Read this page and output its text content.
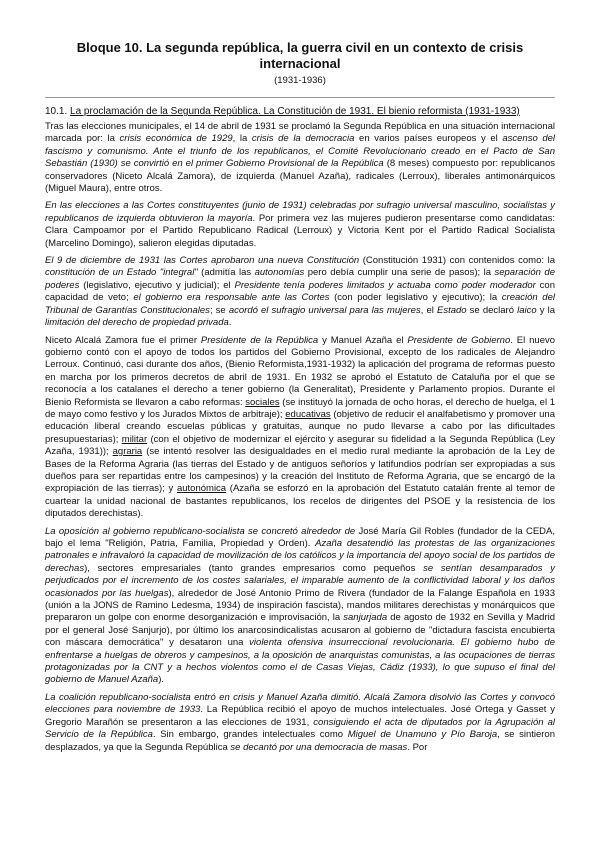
Bloque 10. La segunda república, la guerra civil en un contexto de crisis internacional
(1931-1936)
10.1. La proclamación de la Segunda República. La Constitución de 1931. El bienio reformista (1931-1933)

Tras las elecciones municipales, el 14 de abril de 1931 se proclamó la Segunda República en una situación internacional marcada por: la crisis económica de 1929, la crisis de la democracia en varios países europeos y el ascenso del fascismo y comunismo. Ante el triunfo de los republicanos, el Comité Revolucionario creado en el Pacto de San Sebastián (1930) se convirtió en el primer Gobierno Provisional de la República (8 meses) compuesto por: republicanos conservadores (Niceto Alcalá Zamora), de izquierda (Manuel Azaña), radicales (Lerroux), liberales antimonárquicos (Miguel Maura), entre otros.

En las elecciones a las Cortes constituyentes (junio de 1931) celebradas por sufragio universal masculino, socialistas y republicanos de izquierda obtuvieron la mayoría. Por primera vez las mujeres pudieron presentarse como candidatas: Clara Campoamor por el Partido Republicano Radical (Lerroux) y Victoria Kent por el Partido Radical Socialista (Marcelino Domingo), salieron elegidas diputadas.

El 9 de diciembre de 1931 las Cortes aprobaron una nueva Constitución (Constitución 1931) con contenidos como: la constitución de un Estado "integral" (admitía las autonomías pero debía cumplir una serie de pasos); la separación de poderes (legislativo, ejecutivo y judicial); el Presidente tenía poderes limitados y actuaba como poder moderador con capacidad de veto; el gobierno era responsable ante las Cortes (con poder legislativo y ejecutivo); la creación del Tribunal de Garantías Constitucionales; se acordó el sufragio universal para las mujeres, el Estado se declaró laico y la limitación del derecho de propiedad privada.

Niceto Alcalá Zamora fue el primer Presidente de la República y Manuel Azaña el Presidente de Gobierno. El nuevo gobierno contó con el apoyo de todos los partidos del Gobierno Provisional, excepto de los radicales de Alejandro Lerroux. Continuó, casi durante dos años, (Bienio Reformista,1931-1932) la aplicación del programa de reformas puesto en marcha por los primeros decretos de abril de 1931. En 1932 se aprobó el Estatuto de Cataluña por el que se reconocía a los catalanes el derecho a tener gobierno (la Generalitat), Presidente y Parlamento propios. Durante el Bienio Reformista se llevaron a cabo reformas: sociales (se instituyó la jornada de ocho horas, el derecho de huelga, el 1 de mayo como festivo y los Jurados Mixtos de arbitraje); educativas (objetivo de reducir el analfabetismo y promover una educación liberal creando escuelas públicas y gratuitas, aunque no pudo llevarse a cabo por las dificultades presupuestarias); militar (con el objetivo de modernizar el ejército y asegurar su fidelidad a la Segunda República (Ley Azaña, 1931)); agraria (se intentó resolver las desigualdades en el medio rural mediante la aprobación de la Ley de Bases de la Reforma Agraria (las tierras del Estado y de antiguos señoríos y latifundios podrían ser expropiadas a sus dueños para ser repartidas entre los campesinos) y la creación del Instituto de Reforma Agraria, que se encargó de la expropiación de las tierras); y autonómica (Azaña se esforzó en la aprobación del Estatuto catalán frente al temor de cuartear la unidad nacional de bastantes republicanos, los recelos de dirigentes del PSOE y la resistencia de los diputados derechistas).

La oposición al gobierno republicano-socialista se concretó alrededor de José María Gil Robles (fundador de la CEDA, bajo el lema "Religión, Patria, Familia, Propiedad y Orden). Azaña desatendió las protestas de las organizaciones patronales e infravaloró la capacidad de movilización de los católicos y la importancia del apoyo social de los partidos de derechas), sectores empresariales (tanto grandes empresarios como pequeños se sentían desamparados y perjudicados por el incremento de los costes salariales, el imparable aumento de la conflictividad laboral y los daños ocasionados por las huelgas), alrededor de José Antonio Primo de Rivera (fundador de la Falange Española en 1933 (unión a la JONS de Ramino Ledesma, 1934) de inspiración fascista), mandos militares derechistas y monárquicos que prepararon un golpe con enorme desorganización e improvisación, la sanjurjada de agosto de 1932 en Sevilla y Madrid por el general José Sanjurjo), por último los anarcosindicalistas acusaron al gobierno de "dictadura fascista encubierta con máscara democrática" y desataron una violenta ofensiva insurreccional revolucionaria. El gobierno hubo de enfrentarse a huelgas de obreros y campesinos, a la oposición de anarquistas comunistas, a las ocupaciones de tierras protagonizadas por la CNT y a hechos violentos como el de Casas Viejas, Cádiz (1933), lo que supuso el final del gobierno de Manuel Azaña).

La coalición republicano-socialista entró en crisis y Manuel Azaña dimitió. Alcalá Zamora disolvió las Cortes y convocó elecciones para noviembre de 1933. La República recibió el apoyo de muchos intelectuales. José Ortega y Gasset y Gregorio Marañón se presentaron a las elecciones de 1931, consiguiendo el acta de diputados por la Agrupación al Servicio de la República. Sin embargo, grandes intelectuales como Miguel de Unamuno y Pío Baroja, se sintieron desplazados, ya que la Segunda República se decantó por una democracia de masas. Por
